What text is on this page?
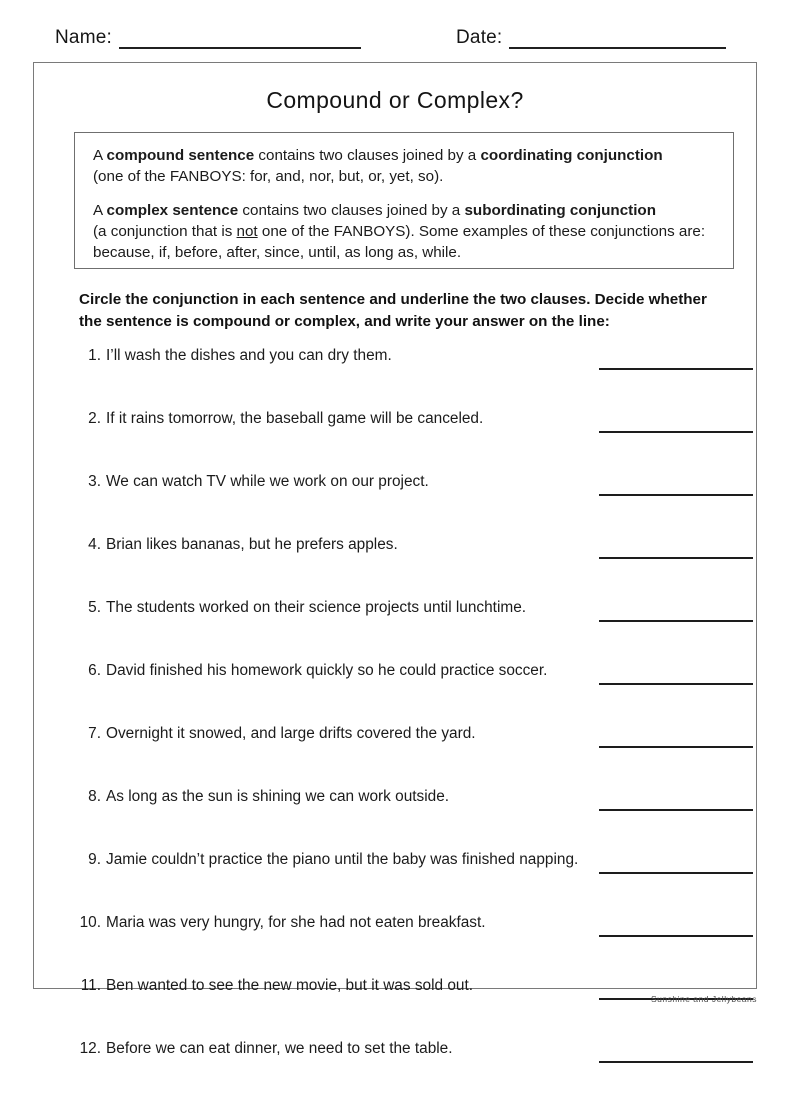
Name:	Date:
Compound or Complex?

A compound sentence contains two clauses joined by a coordinating conjunction
(one of the FANBOYS: for, and, nor, but, or, yet, so).

A complex sentence contains two clauses joined by a subordinating conjunction
(a conjunction that is not one of the FANBOYS). Some examples of these conjunctions are: because, if, before, after, since, until, as long as, while.

Circle the conjunction in each sentence and underline the two clauses. Decide whether the sentence is compound or complex, and write your answer on the line:
1. I’ll wash the dishes and you can dry them.
2. If it rains tomorrow, the baseball game will be canceled.
3. We can watch TV while we work on our project.
4. Brian likes bananas, but he prefers apples.
5. The students worked on their science projects until lunchtime.
6. David finished his homework quickly so he could practice soccer.
7. Overnight it snowed, and large drifts covered the yard.
8. As long as the sun is shining we can work outside.
9. Jamie couldn’t practice the piano until the baby was finished napping.
10. Maria was very hungry, for she had not eaten breakfast.
11. Ben wanted to see the new movie, but it was sold out.
12. Before we can eat dinner, we need to set the table.
Sunshine and Jellybeans
